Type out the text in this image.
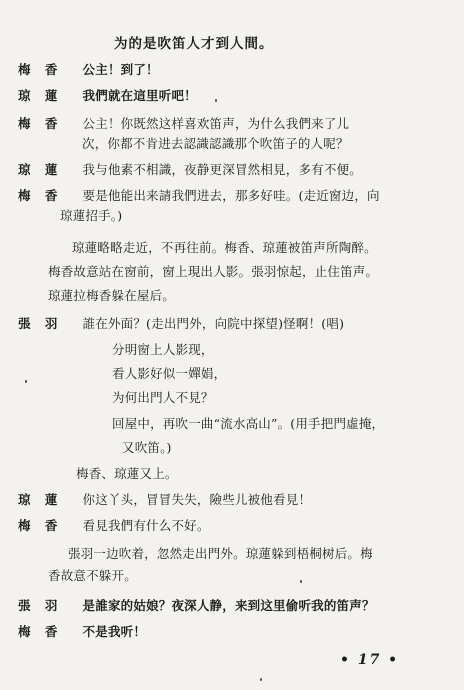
为的是吹笛人才到人間。
梅 香 公主！到了！
琼 蓮 我們就在這里听吧！
梅 香 公主！你既然这样喜欢笛声，为什么我們来了儿
次，你都不肯进去認識認識那个吹笛子的人呢？
琼 蓮 我与他素不相識，夜静更深冒然相見，多有不便。
梅 香 要是他能出来請我們进去，那多好哇。(走近窗边，向
琼蓮招手。)
琼蓮略略走近，不再往前。梅香、琼蓮被笛声所陶醉。
梅香故意站在窗前，窗上現出人影。張羽惊起，止住笛声。
琼蓮拉梅香躲在屋后。
張 羽 誰在外面？(走出門外，向院中探望)怪啊！(唱)
分明窗上人影现，
看人影好似一嬋娟，
为何出門人不見？
回屋中，再吹一曲“流水高山”。(用手把門虛掩，
又吹笛。)
梅香、琼蓮又上。
琼 蓮 你这丫头，冒冒失失，險些儿被他看見！
梅 香 看見我們有什么不好。
張羽一边吹着，忽然走出門外。琼蓮躲到梧桐树后。梅
香故意不躲开。
張 羽 是誰家的姑娘？夜深人静，来到这里偷听我的笛声？
梅 香 不是我听！
• 17 •
